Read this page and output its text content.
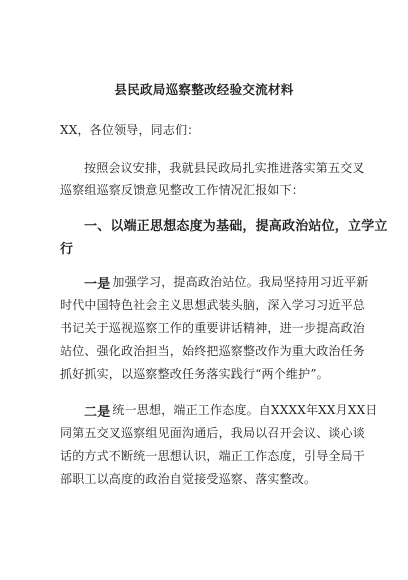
县民政局巡察整改经验交流材料
XX，各位领导，同志们：
按照会议安排，我就县民政局扎实推进落实第五交叉
巡察组巡察反馈意见整改工作情况汇报如下：
一、以端正思想态度为基础，提高政治站位，立学立
行
一是 加强学习，提高政治站位。我局坚持用习近平新
时代中国特色社会主义思想武装头脑，深入学习习近平总
书记关于巡视巡察工作的重要讲话精神，进一步提高政治
站位、强化政治担当，始终把巡察整改作为重大政治任务
抓好抓实，以巡察整改任务落实践行“两个维护”。
二是 统一思想，端正工作态度。自XXXX年XX月XX日
同第五交叉巡察组见面沟通后，我局以召开会议、谈心谈
话的方式不断统一思想认识，端正工作态度，引导全局干
部职工以高度的政治自觉接受巡察、落实整改。
